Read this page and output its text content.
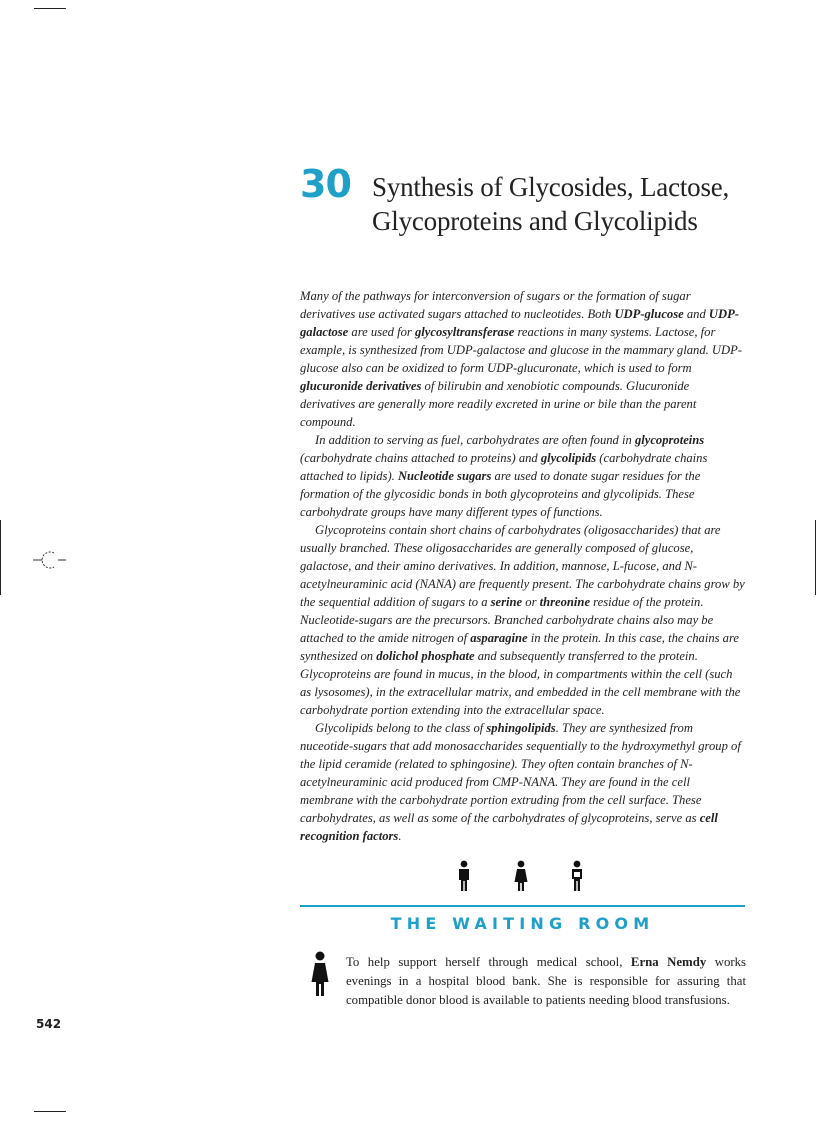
30 Synthesis of Glycosides, Lactose, Glycoproteins and Glycolipids

Many of the pathways for interconversion of sugars or the formation of sugar derivatives use activated sugars attached to nucleotides. Both UDP-glucose and UDP-galactose are used for glycosyltransferase reactions in many systems. Lactose, for example, is synthesized from UDP-galactose and glucose in the mammary gland. UDP-glucose also can be oxidized to form UDP-glucuronate, which is used to form glucuronide derivatives of bilirubin and xenobiotic compounds. Glucuronide derivatives are generally more readily excreted in urine or bile than the parent compound.

In addition to serving as fuel, carbohydrates are often found in glycoproteins (carbohydrate chains attached to proteins) and glycolipids (carbohydrate chains attached to lipids). Nucleotide sugars are used to donate sugar residues for the formation of the glycosidic bonds in both glycoproteins and glycolipids. These carbohydrate groups have many different types of functions.

Glycoproteins contain short chains of carbohydrates (oligosaccharides) that are usually branched. These oligosaccharides are generally composed of glucose, galactose, and their amino derivatives. In addition, mannose, L-fucose, and N-acetylneuraminic acid (NANA) are frequently present. The carbohydrate chains grow by the sequential addition of sugars to a serine or threonine residue of the protein. Nucleotide-sugars are the precursors. Branched carbohydrate chains also may be attached to the amide nitrogen of asparagine in the protein. In this case, the chains are synthesized on dolichol phosphate and subsequently transferred to the protein. Glycoproteins are found in mucus, in the blood, in compartments within the cell (such as lysosomes), in the extracellular matrix, and embedded in the cell membrane with the carbohydrate portion extending into the extracellular space.

Glycolipids belong to the class of sphingolipids. They are synthesized from nuceotide-sugars that add monosaccharides sequentially to the hydroxymethyl group of the lipid ceramide (related to sphingosine). They often contain branches of N-acetylneuraminic acid produced from CMP-NANA. They are found in the cell membrane with the carbohydrate portion extruding from the cell surface. These carbohydrates, as well as some of the carbohydrates of glycoproteins, serve as cell recognition factors.

THE WAITING ROOM

To help support herself through medical school, Erna Nemdy works evenings in a hospital blood bank. She is responsible for assuring that compatible donor blood is available to patients needing blood transfusions.

542
